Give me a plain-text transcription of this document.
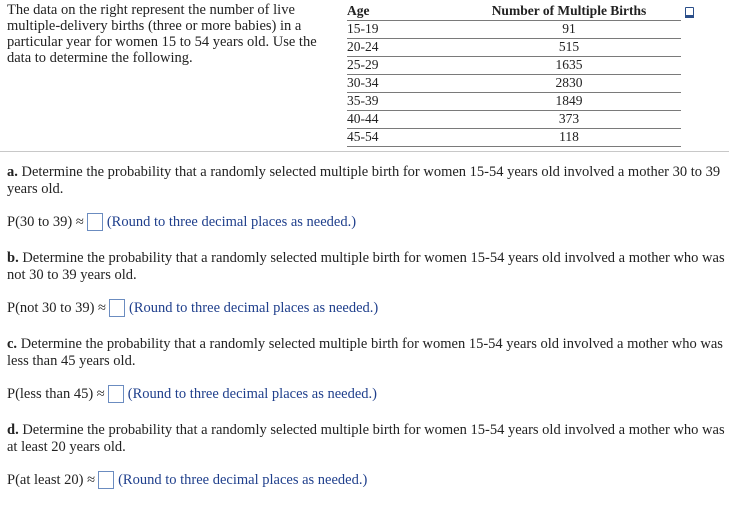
The data on the right represent the number of live multiple-delivery births (three or more babies) in a particular year for women 15 to 54 years old. Use the data to determine the following.
Age	Number of Multiple Births
15-19	91
20-24	515
25-29	1635
30-34	2830
35-39	1849
40-44	373
45-54	118
a. Determine the probability that a randomly selected multiple birth for women 15-54 years old involved a mother 30 to 39 years old.
P(30 to 39) ≈ (Round to three decimal places as needed.)
b. Determine the probability that a randomly selected multiple birth for women 15-54 years old involved a mother who was not 30 to 39 years old.
P(not 30 to 39) ≈ (Round to three decimal places as needed.)
c. Determine the probability that a randomly selected multiple birth for women 15-54 years old involved a mother who was less than 45 years old.
P(less than 45) ≈ (Round to three decimal places as needed.)
d. Determine the probability that a randomly selected multiple birth for women 15-54 years old involved a mother who was at least 20 years old.
P(at least 20) ≈ (Round to three decimal places as needed.)
